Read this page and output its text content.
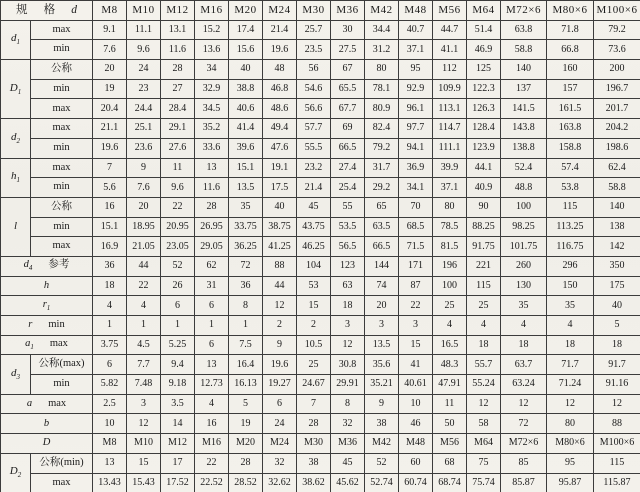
规 格 d		M8	M10	M12	M16	M20	M24	M30	M36	M42	M48	M56	M64	M72×6	M80×6	M100×6
$d_1$	max	9.1	11.1	13.1	15.2	17.4	21.4	25.7	30	34.4	40.7	44.7	51.4	63.8	71.8	79.2
	min	7.6	9.6	11.6	13.6	15.6	19.6	23.5	27.5	31.2	37.1	41.1	46.9	58.8	66.8	73.6
$D_1$	公称	20	24	28	34	40	48	56	67	80	95	112	125	140	160	200
	min	19	23	27	32.9	38.8	46.8	54.6	65.5	78.1	92.9	109.9	122.3	137	157	196.7
	max	20.4	24.4	28.4	34.5	40.6	48.6	56.6	67.7	80.9	96.1	113.1	126.3	141.5	161.5	201.7
$d_2$	max	21.1	25.1	29.1	35.2	41.4	49.4	57.7	69	82.4	97.7	114.7	128.4	143.8	163.8	204.2
	min	19.6	23.6	27.6	33.6	39.6	47.6	55.5	66.5	79.2	94.1	111.1	123.9	138.8	158.8	198.6
$h_1$	max	7	9	11	13	15.1	19.1	23.2	27.4	31.7	36.9	39.9	44.1	52.4	57.4	62.4
	min	5.6	7.6	9.6	11.6	13.5	17.5	21.4	25.4	29.2	34.1	37.1	40.9	48.8	53.8	58.8
l	公称	16	20	22	28	35	40	45	55	65	70	80	90	100	115	140
	min	15.1	18.95	20.95	26.95	33.75	38.75	43.75	53.5	63.5	68.5	78.5	88.25	98.25	113.25	138
	max	16.9	21.05	23.05	29.05	36.25	41.25	46.25	56.5	66.5	71.5	81.5	91.75	101.75	116.75	142

$d_4$ 参考		36	44	52	62	72	88	104	123	144	171	196	221	260	296	350

h		18	22	26	31	36	44	53	63	74	87	100	115	130	150	175

$r_1$		4	4	6	6	8	12	15	18	20	22	25	25	35	35	40

r min		1	1	1	1	1	2	2	3	3	3	4	4	4	4	5

$a_1$ max		3.75	4.5	5.25	6	7.5	9	10.5	12	13.5	15	16.5	18	18	18	18
$d_3$	公称(max)	6	7.7	9.4	13	16.4	19.6	25	30.8	35.6	41	48.3	55.7	63.7	71.7	91.7
	min	5.82	7.48	9.18	12.73	16.13	19.27	24.67	29.91	35.21	40.61	47.91	55.24	63.24	71.24	91.16

a max		2.5	3	3.5	4	5	6	7	8	9	10	11	12	12	12	12

b		10	12	14	16	19	24	28	32	38	46	50	58	72	80	88

D		M8	M10	M12	M16	M20	M24	M30	M36	M42	M48	M56	M64	M72×6	M80×6	M100×6
$D_2$	公称(min)	13	15	17	22	28	32	38	45	52	60	68	75	85	95	115
	max	13.43	15.43	17.52	22.52	28.52	32.62	38.62	45.62	52.74	60.74	68.74	75.74	85.87	95.87	115.87
